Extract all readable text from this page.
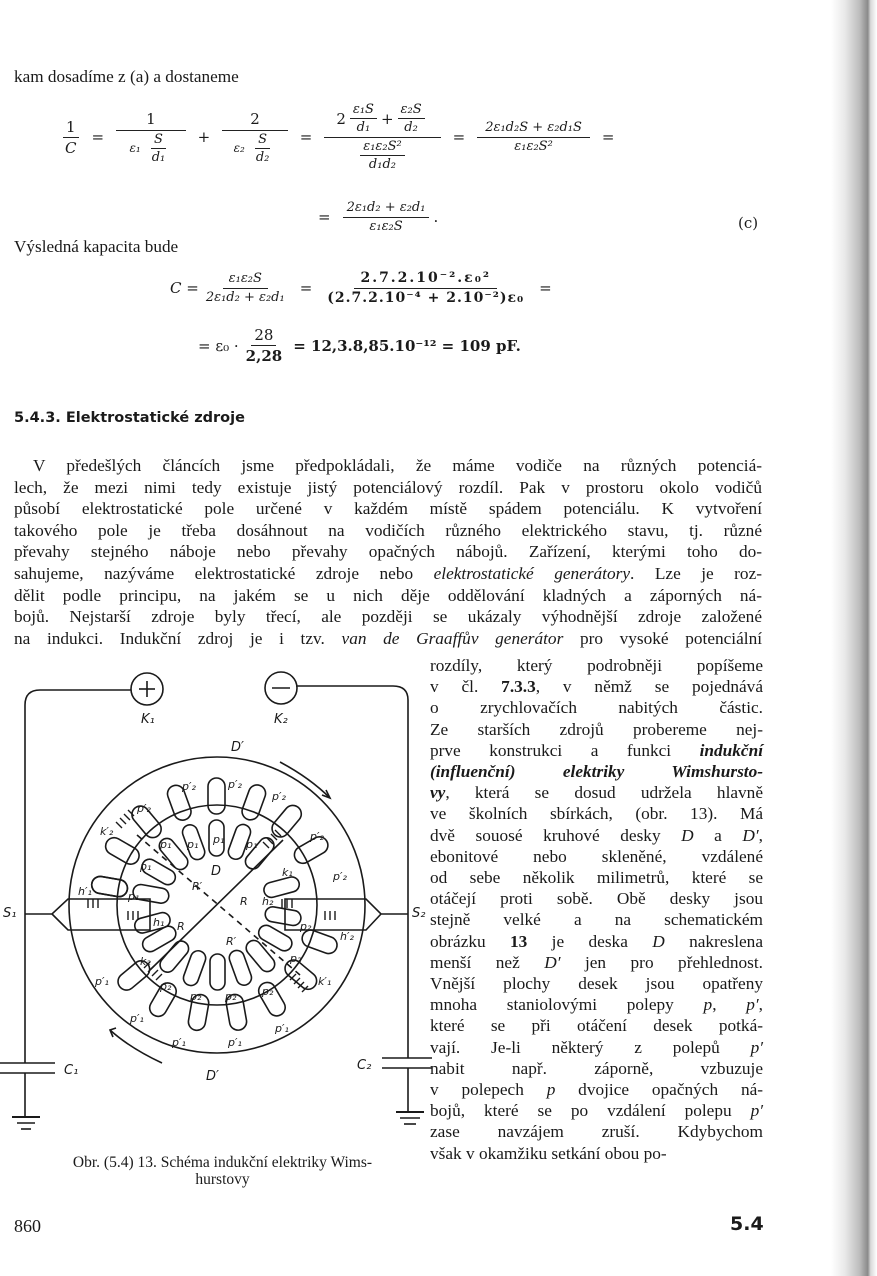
kam dosadíme z (a) a dostaneme
$\frac{1}{C} = \frac{1}{\varepsilon_1 \frac{S}{\text{d₁}}} + \frac{2}{\varepsilon_2 \frac{S}{\text{d₂}}} = \frac{2 \frac{\text{ε₁S}}{\text{d₁}} + \frac{\text{ε₂S}}{\text{d₂}}}{\frac{\text{ε₁ε₂S²}}{\text{d₁d₂}}} = \frac{\text{2ε₁d₂S + ε₂d₁S}}{\text{ε₁ε₂S²}}$ =
= $\frac{\text{2ε₁d₂ + ε₂d₁}}{\text{ε₁ε₂S}}$ .	(c)
Výsledná kapacita bude
$C = \frac{\text{ε₁ε₂S}}{\text{2ε₁d₂ + ε₂d₁}} = \frac{\text{2.7.2.10⁻².ε₀²}}{\text{(2.7.2.10⁻⁴ + 2.10⁻²)ε₀}}$ =
= $\varepsilon_0 \cdot \frac{28}{2,28} = 12,3.8,85.10^{-12} = 109$ pF.
5.4.3. Elektrostatické zdroje
V předešlých článcích jsme předpokládali, že máme vodiče na různých potenciá-
lech, že mezi nimi tedy existuje jistý potenciálový rozdíl. Pak v prostoru okolo vodičů
působí elektrostatické pole určené v každém místě spádem potenciálu. K vytvoření
takového pole je třeba dosáhnout na vodičích různého elektrického stavu, tj. různé
převahy stejného náboje nebo převahy opačných nábojů. Zařízení, kterými toho do-
sahujeme, nazýváme elektrostatické zdroje nebo elektrostatické generátory. Lze je roz-
dělit podle principu, na jakém se u nich děje oddělování kladných a záporných ná-
bojů. Nejstarší zdroje byly třecí, ale později se ukázaly výhodnější zdroje založené
na indukci. Indukční zdroj je i tzv. van de Graaffův generátor pro vysoké potenciální
rozdíly, který podrobněji popíšeme
v čl. 7.3.3, v němž se pojednává
o zrychlovačích nabitých částic.
Ze starších zdrojů probereme nej-
prve konstrukci a funkci indukční
(influenční) elektriky Wimshursto-
vy, která se dosud udržela hlavně
ve školních sbírkách, (obr. 13). Má
dvě souosé kruhové desky D a D′,
ebonitové nebo skleněné, vzdálené
od sebe několik milimetrů, které se
otáčejí proti sobě. Obě desky jsou
stejně velké a na schematickém
obrázku 13 je deska D nakreslena
menší než D′ jen pro přehlednost.
Vnější plochy desek jsou opatřeny
mnoha staniolovými polepy p, p′,
které se při otáčení desek potká-
vají. Je-li některý z polepů p′
nabit např. záporně, vzbuzuje
v polepech p dvojice opačných ná-
bojů, které se po vzdálení polepu p′
zase navzájem zruší. Kdybychom
však v okamžiku setkání obou po-
K₁	K₂
D′
D′
D
R′
R
R
R′
S₁	S₂
C₁	C₂
p′₂	p′₂
p′₂
p′₂
p′₂
p′₂
k′₂
k₁
h′₁
h₁
h₂
h′₂
k₂
k′₁
p₁ p₁ p₁
p₁
p₁
p₁
p₂
p₂
p₂
p₂ p₂ p₂
p′₁
p′₁
p′₁	p′₁
p′₁
Obr. (5.4) 13. Schéma indukční elektriky Wims-
hurstovy
860	5.4
